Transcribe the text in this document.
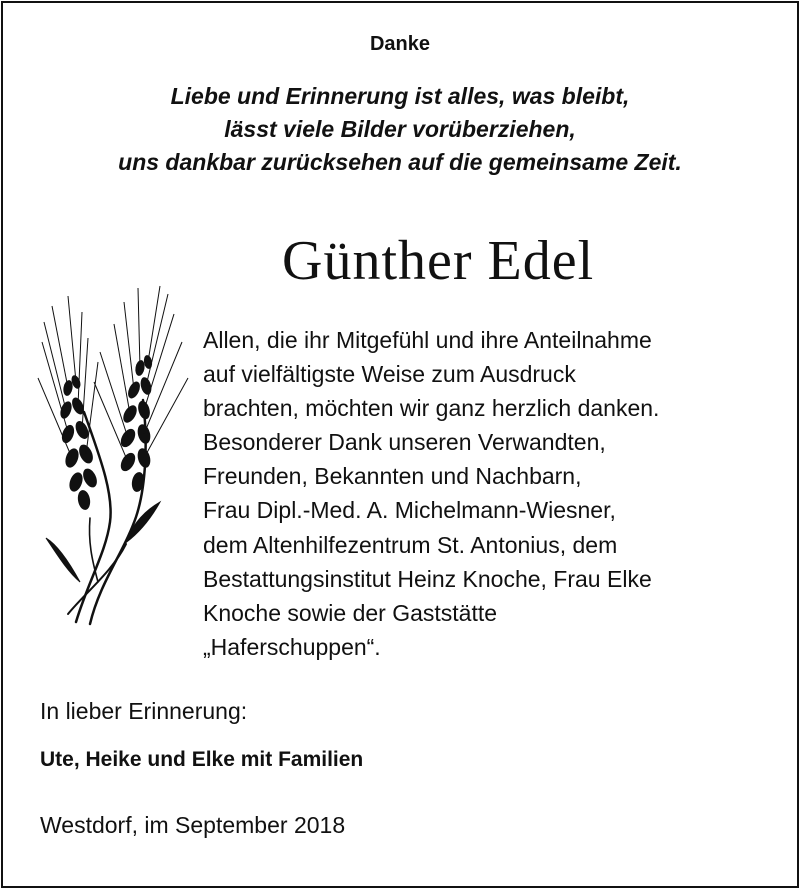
Danke
Liebe und Erinnerung ist alles, was bleibt,
lässt viele Bilder vorüberziehen,
uns dankbar zurücksehen auf die gemeinsame Zeit.
Günther Edel
Allen, die ihr Mitgefühl und ihre Anteilnahme
auf vielfältigste Weise zum Ausdruck
brachten, möchten wir ganz herzlich danken.
Besonderer Dank unseren Verwandten,
Freunden, Bekannten und Nachbarn,
Frau Dipl.-Med. A. Michelmann-Wiesner,
dem Altenhilfezentrum St. Antonius, dem
Bestattungsinstitut Heinz Knoche, Frau Elke
Knoche sowie der Gaststätte
„Haferschuppen“.
In lieber Erinnerung:
Ute, Heike und Elke mit Familien
Westdorf, im September 2018
